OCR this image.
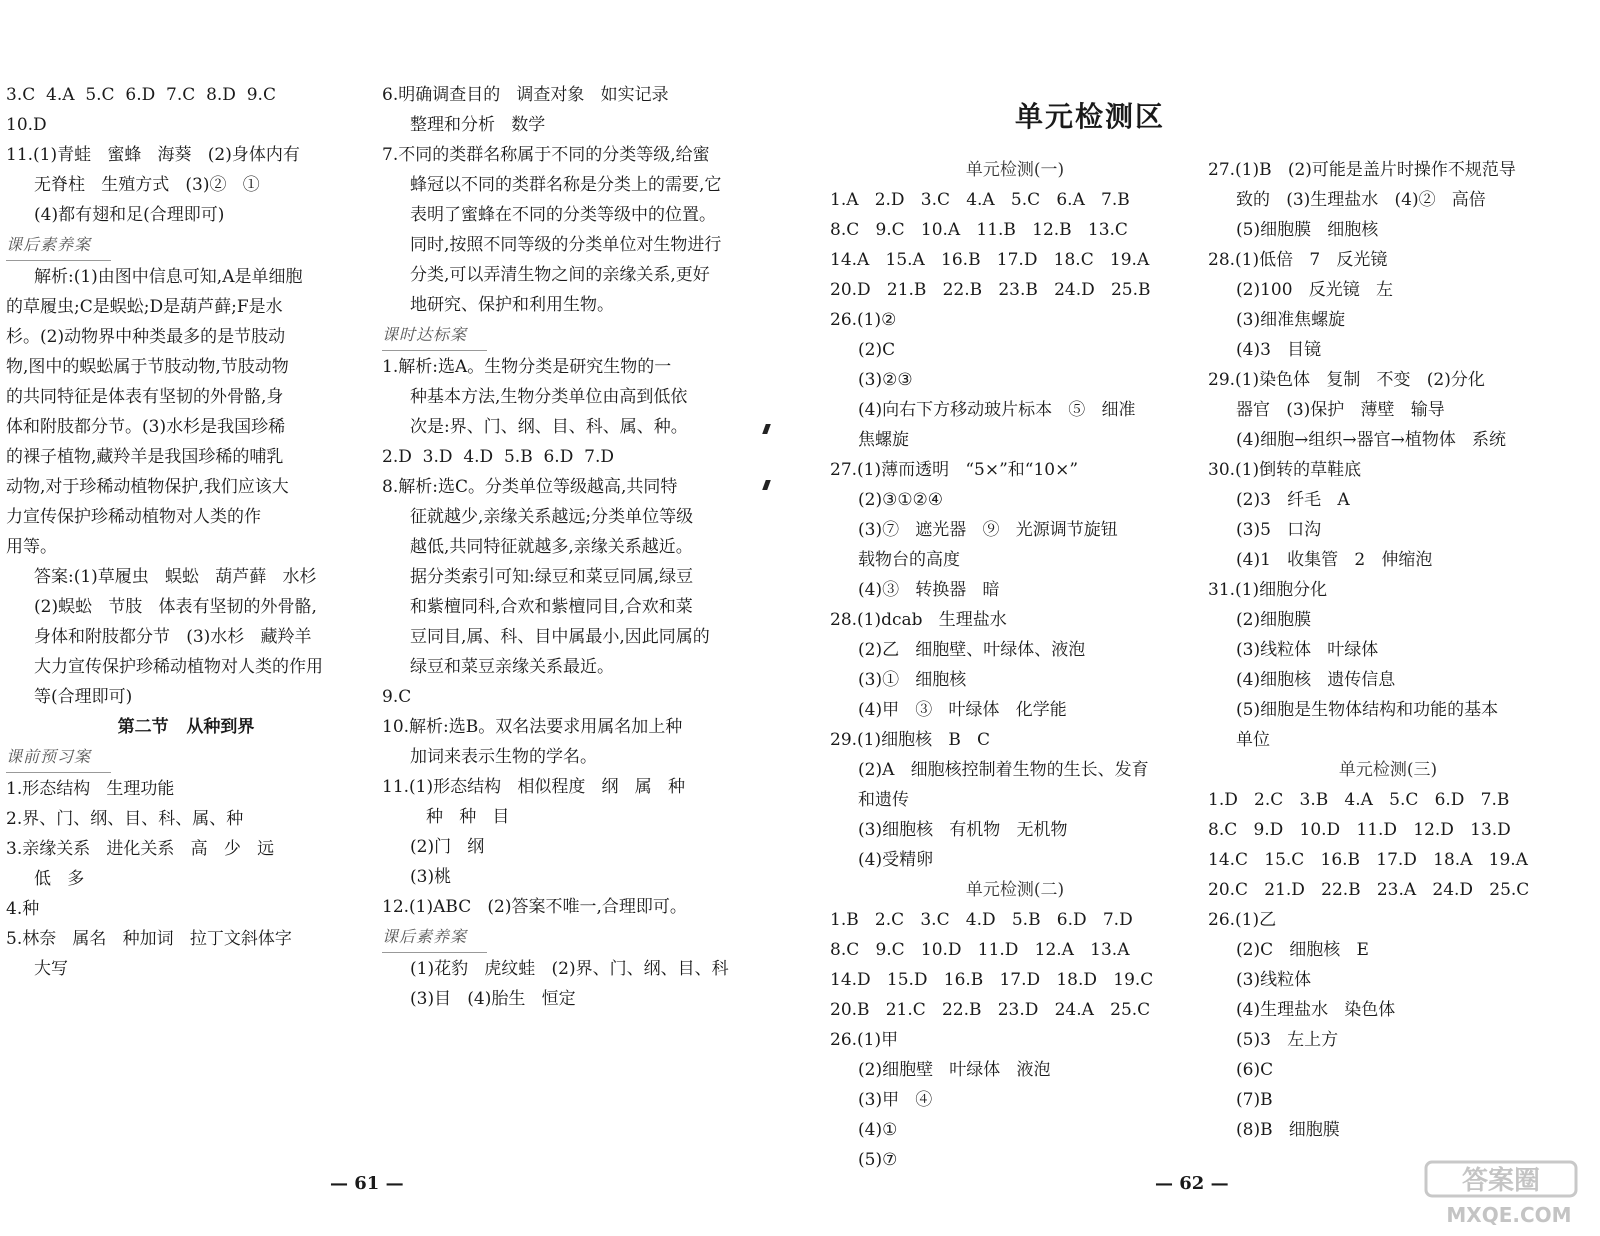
3.C  4.A  5.C  6.D  7.C  8.D  9.C
10.D
11.(1)青蛙   蜜蜂   海葵   (2)身体内有
无脊柱   生殖方式   (3)②   ①
(4)都有翅和足(合理即可)
课后素养案
解析:(1)由图中信息可知,A是单细胞
的草履虫;C是蜈蚣;D是葫芦藓;F是水
杉。(2)动物界中种类最多的是节肢动
物,图中的蜈蚣属于节肢动物,节肢动物
的共同特征是体表有坚韧的外骨骼,身
体和附肢都分节。(3)水杉是我国珍稀
的裸子植物,藏羚羊是我国珍稀的哺乳
动物,对于珍稀动植物保护,我们应该大
力宣传保护珍稀动植物对人类的作
用等。
答案:(1)草履虫   蜈蚣   葫芦藓   水杉
(2)蜈蚣   节肢   体表有坚韧的外骨骼,
身体和附肢都分节   (3)水杉   藏羚羊
大力宣传保护珍稀动植物对人类的作用
等(合理即可)
第二节   从种到界
课前预习案
1.形态结构   生理功能
2.界、门、纲、目、科、属、种
3.亲缘关系   进化关系   高   少   远
低   多
4.种
5.林奈   属名   种加词   拉丁文斜体字
大写
6.明确调查目的   调查对象   如实记录
整理和分析   数学
7.不同的类群名称属于不同的分类等级,给蜜
蜂冠以不同的类群名称是分类上的需要,它
表明了蜜蜂在不同的分类等级中的位置。
同时,按照不同等级的分类单位对生物进行
分类,可以弄清生物之间的亲缘关系,更好
地研究、保护和利用生物。
课时达标案
1.解析:选A。生物分类是研究生物的一
种基本方法,生物分类单位由高到低依
次是:界、门、纲、目、科、属、种。
2.D  3.D  4.D  5.B  6.D  7.D
8.解析:选C。分类单位等级越高,共同特
征就越少,亲缘关系越远;分类单位等级
越低,共同特征就越多,亲缘关系越近。
据分类索引可知:绿豆和菜豆同属,绿豆
和紫檀同科,合欢和紫檀同目,合欢和菜
豆同目,属、科、目中属最小,因此同属的
绿豆和菜豆亲缘关系最近。
9.C
10.解析:选B。双名法要求用属名加上种
加词来表示生物的学名。
11.(1)形态结构   相似程度   纲   属   种
种   种   目
(2)门   纲
(3)桃
12.(1)ABC   (2)答案不唯一,合理即可。
课后素养案
(1)花豹   虎纹蛙   (2)界、门、纲、目、科
(3)目   (4)胎生   恒定
— 61 —
单元检测区
单元检测(一)
1.A   2.D   3.C   4.A   5.C   6.A   7.B
8.C   9.C   10.A   11.B   12.B   13.C
14.A   15.A   16.B   17.D   18.C   19.A
20.D   21.B   22.B   23.B   24.D   25.B
26.(1)②
(2)C
(3)②③
(4)向右下方移动玻片标本   ⑤   细准
焦螺旋
27.(1)薄而透明   “5×”和“10×”
(2)③①②④
(3)⑦   遮光器   ⑨   光源调节旋钮
载物台的高度
(4)③   转换器   暗
28.(1)dcab   生理盐水
(2)乙   细胞壁、叶绿体、液泡
(3)①   细胞核
(4)甲   ③   叶绿体   化学能
29.(1)细胞核   B   C
(2)A   细胞核控制着生物的生长、发育
和遗传
(3)细胞核   有机物   无机物
(4)受精卵
单元检测(二)
1.B   2.C   3.C   4.D   5.B   6.D   7.D
8.C   9.C   10.D   11.D   12.A   13.A
14.D   15.D   16.B   17.D   18.D   19.C
20.B   21.C   22.B   23.D   24.A   25.C
26.(1)甲
(2)细胞壁   叶绿体   液泡
(3)甲   ④
(4)①
(5)⑦
27.(1)B   (2)可能是盖片时操作不规范导
致的   (3)生理盐水   (4)②   高倍
(5)细胞膜   细胞核
28.(1)低倍   7   反光镜
(2)100   反光镜   左
(3)细准焦螺旋
(4)3   目镜
29.(1)染色体   复制   不变   (2)分化
器官   (3)保护   薄壁   输导
(4)细胞→组织→器官→植物体   系统
30.(1)倒转的草鞋底
(2)3   纤毛   A
(3)5   口沟
(4)1   收集管   2   伸缩泡
31.(1)细胞分化
(2)细胞膜
(3)线粒体   叶绿体
(4)细胞核   遗传信息
(5)细胞是生物体结构和功能的基本
单位
单元检测(三)
1.D   2.C   3.B   4.A   5.C   6.D   7.B
8.C   9.D   10.D   11.D   12.D   13.D
14.C   15.C   16.B   17.D   18.A   19.A
20.C   21.D   22.B   23.A   24.D   25.C
26.(1)乙
(2)C   细胞核   E
(3)线粒体
(4)生理盐水   染色体
(5)3   左上方
(6)C
(7)B
(8)B   细胞膜
— 62 —	答案圈
MXQE.COM
